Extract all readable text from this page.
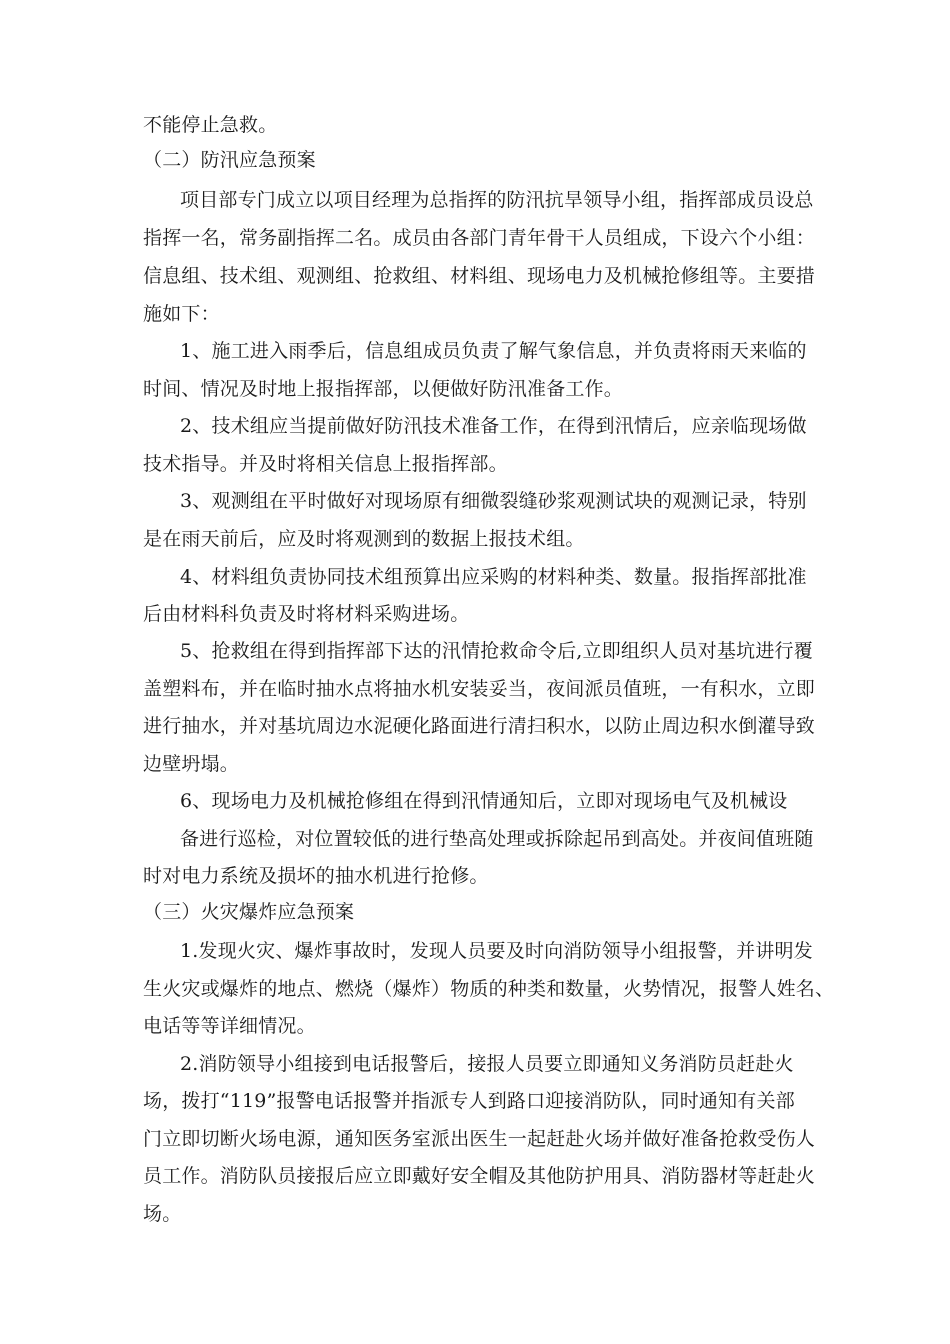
不能停止急救。
（二）防汛应急预案
项目部专门成立以项目经理为总指挥的防汛抗旱领导小组，指挥部成员设总
指挥一名，常务副指挥二名。成员由各部门青年骨干人员组成，下设六个小组：
信息组、技术组、观测组、抢救组、材料组、现场电力及机械抢修组等。主要措
施如下：
1、施工进入雨季后，信息组成员负责了解气象信息，并负责将雨天来临的
时间、情况及时地上报指挥部，以便做好防汛准备工作。
2、技术组应当提前做好防汛技术准备工作，在得到汛情后，应亲临现场做
技术指导。并及时将相关信息上报指挥部。
3、观测组在平时做好对现场原有细微裂缝砂浆观测试块的观测记录，特别
是在雨天前后，应及时将观测到的数据上报技术组。
4、材料组负责协同技术组预算出应采购的材料种类、数量。报指挥部批准
后由材料科负责及时将材料采购进场。
5、抢救组在得到指挥部下达的汛情抢救命令后,立即组织人员对基坑进行覆
盖塑料布，并在临时抽水点将抽水机安装妥当，夜间派员值班，一有积水，立即
进行抽水，并对基坑周边水泥硬化路面进行清扫积水，以防止周边积水倒灌导致
边壁坍塌。
6、现场电力及机械抢修组在得到汛情通知后，立即对现场电气及机械设
备进行巡检，对位置较低的进行垫高处理或拆除起吊到高处。并夜间值班随
时对电力系统及损坏的抽水机进行抢修。
（三）火灾爆炸应急预案
1.发现火灾、爆炸事故时，发现人员要及时向消防领导小组报警，并讲明发
生火灾或爆炸的地点、燃烧（爆炸）物质的种类和数量，火势情况，报警人姓名、
电话等等详细情况。
2.消防领导小组接到电话报警后，接报人员要立即通知义务消防员赶赴火
场，拨打“119”报警电话报警并指派专人到路口迎接消防队，同时通知有关部
门立即切断火场电源，通知医务室派出医生一起赶赴火场并做好准备抢救受伤人
员工作。消防队员接报后应立即戴好安全帽及其他防护用具、消防器材等赶赴火
场。
